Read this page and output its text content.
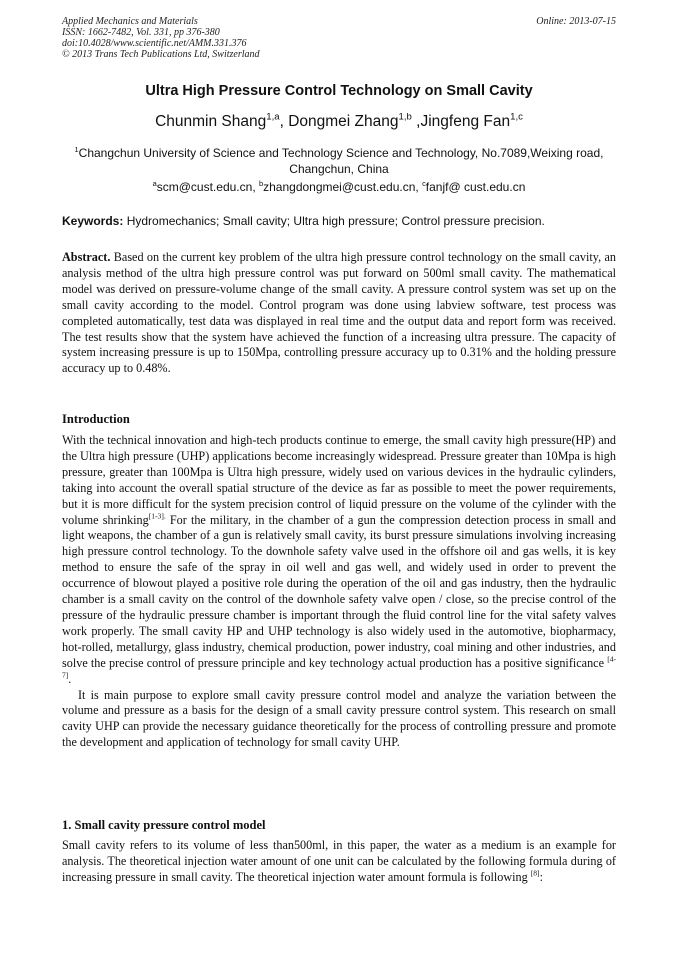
Applied Mechanics and Materials
ISSN: 1662-7482, Vol. 331, pp 376-380
doi:10.4028/www.scientific.net/AMM.331.376
© 2013 Trans Tech Publications Ltd, Switzerland
Online: 2013-07-15
Ultra High Pressure Control Technology on Small Cavity
Chunmin Shang$^{1,a}$, Dongmei Zhang$^{1,b}$ ,Jingfeng Fan$^{1,c}$
$^1$Changchun University of Science and Technology Science and Technology, No.7089,Weixing road, Changchun, China
$^a$scm@cust.edu.cn, $^b$zhangdongmei@cust.edu.cn, $^c$fanjf@ cust.edu.cn
Keywords: Hydromechanics; Small cavity; Ultra high pressure; Control pressure precision.

Abstract. Based on the current key problem of the ultra high pressure control technology on the small cavity, an analysis method of the ultra high pressure control was put forward on 500ml small cavity. The mathematical model was derived on pressure-volume change of the small cavity. A pressure control system was set up on the small cavity according to the model. Control program was done using labview software, test process was completed automatically, test data was displayed in real time and the output data and report form was received. The test results show that the system have achieved the function of a increasing ultra pressure. The capacity of system increasing pressure is up to 150Mpa, controlling pressure accuracy up to 0.31% and the holding pressure accuracy up to 0.48%.

Introduction

With the technical innovation and high-tech products continue to emerge, the small cavity high pressure(HP) and the Ultra high pressure (UHP) applications become increasingly widespread. Pressure greater than 10Mpa is high pressure, greater than 100Mpa is Ultra high pressure, widely used on various devices in the hydraulic cylinders, taking into account the overall spatial structure of the device as far as possible to meet the power requirements, but it is more difficult for the system precision control of liquid pressure on the volume of the cylinder with the volume shrinking$^{[1-3].}$ For the military, in the chamber of a gun the compression detection process in small and light weapons, the chamber of a gun is relatively small cavity, its burst pressure simulations involving increasing high pressure control technology. To the downhole safety valve used in the offshore oil and gas wells, it is key method to ensure the safe of the spray in oil well and gas well, and widely used in order to prevent the occurrence of blowout played a positive role during the operation of the oil and gas industry, then the hydraulic chamber is a small cavity on the control of the downhole safety valve open / close, so the precise control of the pressure of the hydraulic pressure chamber is important through the fluid control line for the vital safety valves work properly. The small cavity HP and UHP technology is also widely used in the automotive, biopharmacy, hot-rolled, metallurgy, glass industry, chemical production, power industry, coal mining and other industries, and solve the precise control of pressure principle and key technology actual production has a positive significance [4-7].

It is main purpose to explore small cavity pressure control model and analyze the variation between the volume and pressure as a basis for the design of a small cavity pressure control system. This research on small cavity UHP can provide the necessary guidance theoretically for the process of controlling pressure and promote the development and application of technology for small cavity UHP.

1. Small cavity pressure control model

Small cavity refers to its volume of less than500ml, in this paper, the water as a medium is an example for analysis. The theoretical injection water amount of one unit can be calculated by the following formula during of increasing pressure in small cavity. The theoretical injection water amount formula is following [8]:
